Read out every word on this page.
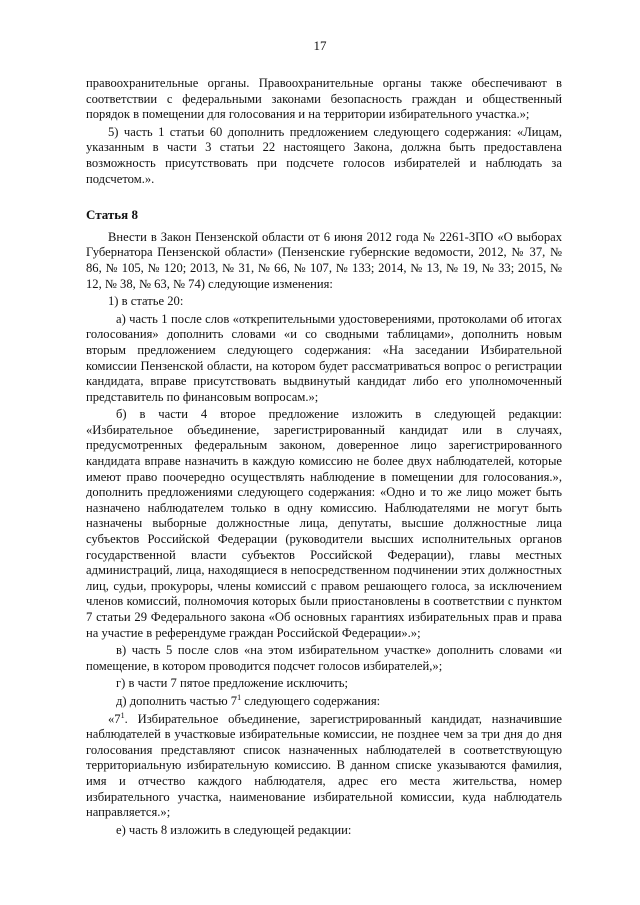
17

правоохранительные органы. Правоохранительные органы также обеспечивают в соответствии с федеральными законами безопасность граждан и общественный порядок в помещении для голосования и на территории избирательного участка.»;

5) часть 1 статьи 60 дополнить предложением следующего содержания: «Лицам, указанным в части 3 статьи 22 настоящего Закона, должна быть предоставлена возможность присутствовать при подсчете голосов избирателей и наблюдать за подсчетом.».

Статья 8

Внести в Закон Пензенской области от 6 июня 2012 года № 2261-ЗПО «О выборах Губернатора Пензенской области» (Пензенские губернские ведомости, 2012, № 37, № 86, № 105, № 120; 2013, № 31, № 66, № 107, № 133; 2014, № 13, № 19, № 33; 2015, № 12, № 38, № 63, № 74) следующие изменения:

1) в статье 20:

а) часть 1 после слов «открепительными удостоверениями, протоколами об итогах голосования» дополнить словами «и со сводными таблицами», дополнить новым вторым предложением следующего содержания: «На заседании Избирательной комиссии Пензенской области, на котором будет рассматриваться вопрос о регистрации кандидата, вправе присутствовать выдвинутый кандидат либо его уполномоченный представитель по финансовым вопросам.»;

б) в части 4 второе предложение изложить в следующей редакции: «Избирательное объединение, зарегистрированный кандидат или в случаях, предусмотренных федеральным законом, доверенное лицо зарегистрированного кандидата вправе назначить в каждую комиссию не более двух наблюдателей, которые имеют право поочередно осуществлять наблюдение в помещении для голосования.», дополнить предложениями следующего содержания: «Одно и то же лицо может быть назначено наблюдателем только в одну комиссию. Наблюдателями не могут быть назначены выборные должностные лица, депутаты, высшие должностные лица субъектов Российской Федерации (руководители высших исполнительных органов государственной власти субъектов Российской Федерации), главы местных администраций, лица, находящиеся в непосредственном подчинении этих должностных лиц, судьи, прокуроры, члены комиссий с правом решающего голоса, за исключением членов комиссий, полномочия которых были приостановлены в соответствии с пунктом 7 статьи 29 Федерального закона «Об основных гарантиях избирательных прав и права на участие в референдуме граждан Российской Федерации».»;

в) часть 5 после слов «на этом избирательном участке» дополнить словами «и помещение, в котором проводится подсчет голосов избирателей,»;

г) в части 7 пятое предложение исключить;

д) дополнить частью $7^1$ следующего содержания:

«$7^1$. Избирательное объединение, зарегистрированный кандидат, назначившие наблюдателей в участковые избирательные комиссии, не позднее чем за три дня до дня голосования представляют список назначенных наблюдателей в соответствующую территориальную избирательную комиссию. В данном списке указываются фамилия, имя и отчество каждого наблюдателя, адрес его места жительства, номер избирательного участка, наименование избирательной комиссии, куда наблюдатель направляется.»;

е) часть 8 изложить в следующей редакции:
